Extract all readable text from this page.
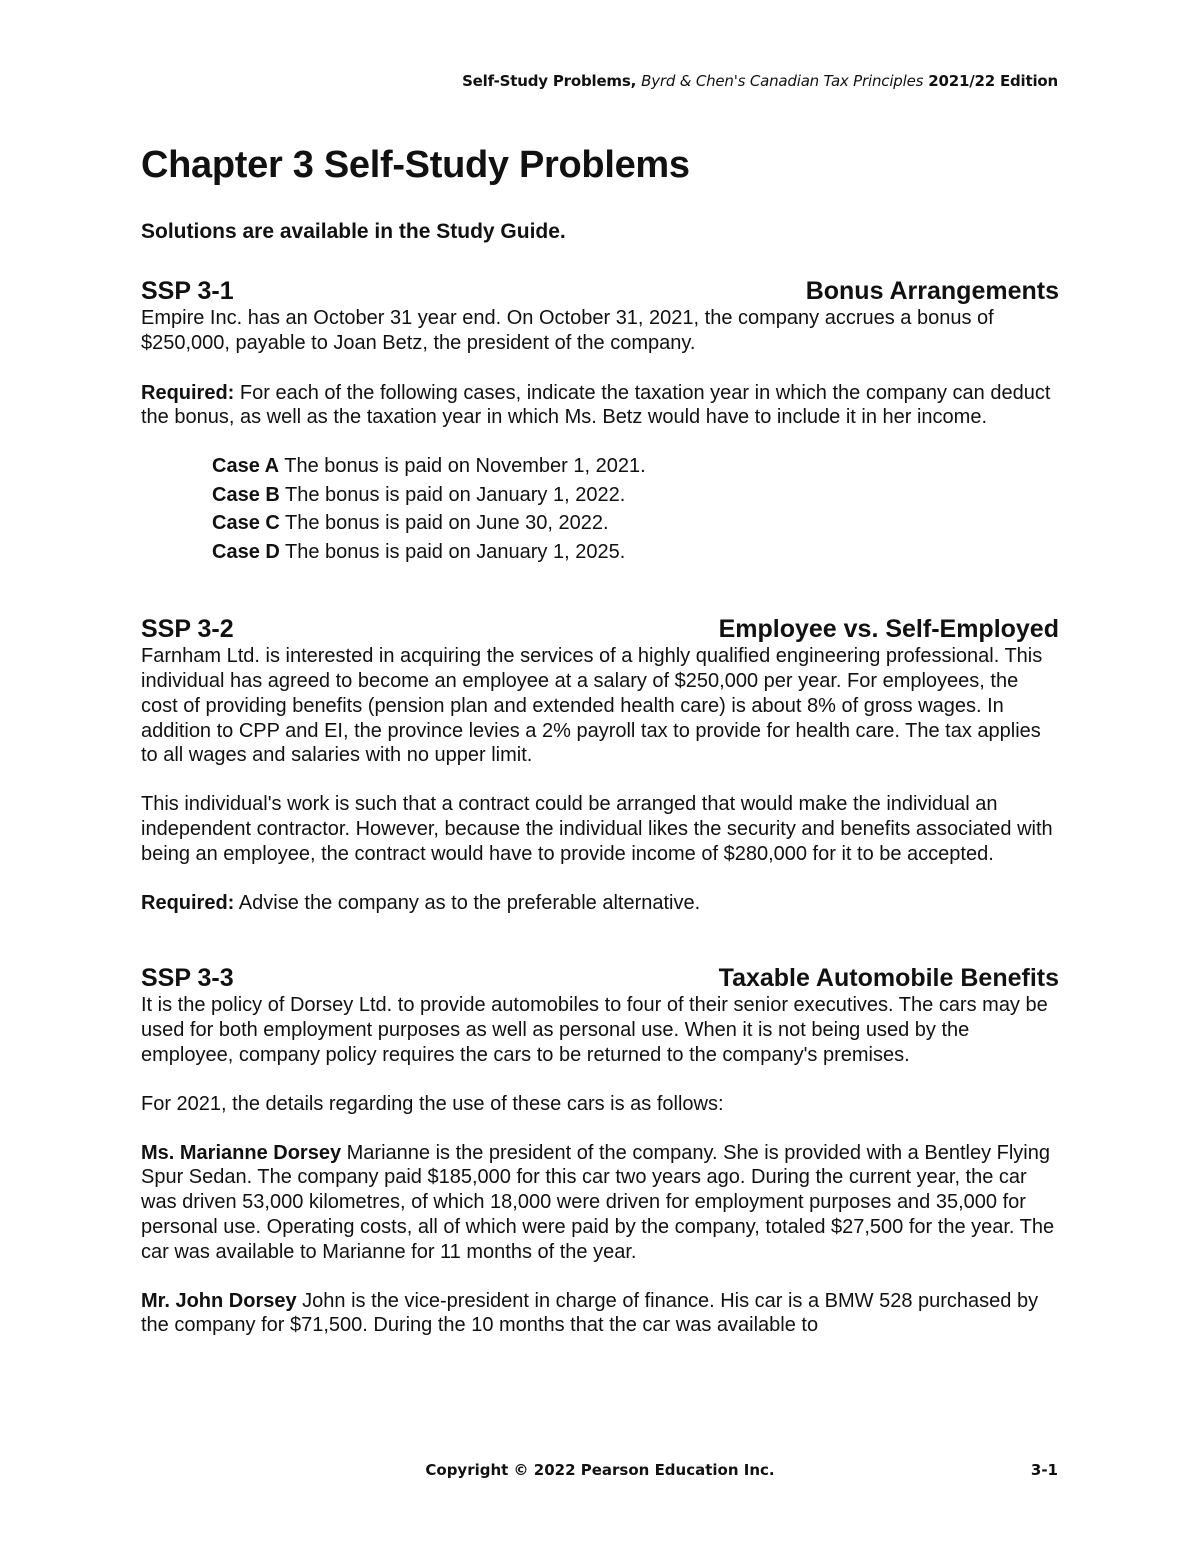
Self-Study Problems, Byrd & Chen's Canadian Tax Principles 2021/22 Edition
Chapter 3 Self-Study Problems
Solutions are available in the Study Guide.
SSP 3-1	Bonus Arrangements

Empire Inc. has an October 31 year end. On October 31, 2021, the company accrues a bonus of $250,000, payable to Joan Betz, the president of the company.

Required: For each of the following cases, indicate the taxation year in which the company can deduct the bonus, as well as the taxation year in which Ms. Betz would have to include it in her income.

Case A The bonus is paid on November 1, 2021.
Case B The bonus is paid on January 1, 2022.
Case C The bonus is paid on June 30, 2022.
Case D The bonus is paid on January 1, 2025.
SSP 3-2	Employee vs. Self-Employed

Farnham Ltd. is interested in acquiring the services of a highly qualified engineering professional. This individual has agreed to become an employee at a salary of $250,000 per year. For employees, the cost of providing benefits (pension plan and extended health care) is about 8% of gross wages. In addition to CPP and EI, the province levies a 2% payroll tax to provide for health care. The tax applies to all wages and salaries with no upper limit.

This individual's work is such that a contract could be arranged that would make the individual an independent contractor. However, because the individual likes the security and benefits associated with being an employee, the contract would have to provide income of $280,000 for it to be accepted.

Required: Advise the company as to the preferable alternative.

SSP 3-3	Taxable Automobile Benefits

It is the policy of Dorsey Ltd. to provide automobiles to four of their senior executives. The cars may be used for both employment purposes as well as personal use. When it is not being used by the employee, company policy requires the cars to be returned to the company's premises.

For 2021, the details regarding the use of these cars is as follows:

Ms. Marianne Dorsey Marianne is the president of the company. She is provided with a Bentley Flying Spur Sedan. The company paid $185,000 for this car two years ago. During the current year, the car was driven 53,000 kilometres, of which 18,000 were driven for employment purposes and 35,000 for personal use. Operating costs, all of which were paid by the company, totaled $27,500 for the year. The car was available to Marianne for 11 months of the year.

Mr. John Dorsey John is the vice-president in charge of finance. His car is a BMW 528 purchased by the company for $71,500. During the 10 months that the car was available to

Copyright © 2022 Pearson Education Inc.	3-1
